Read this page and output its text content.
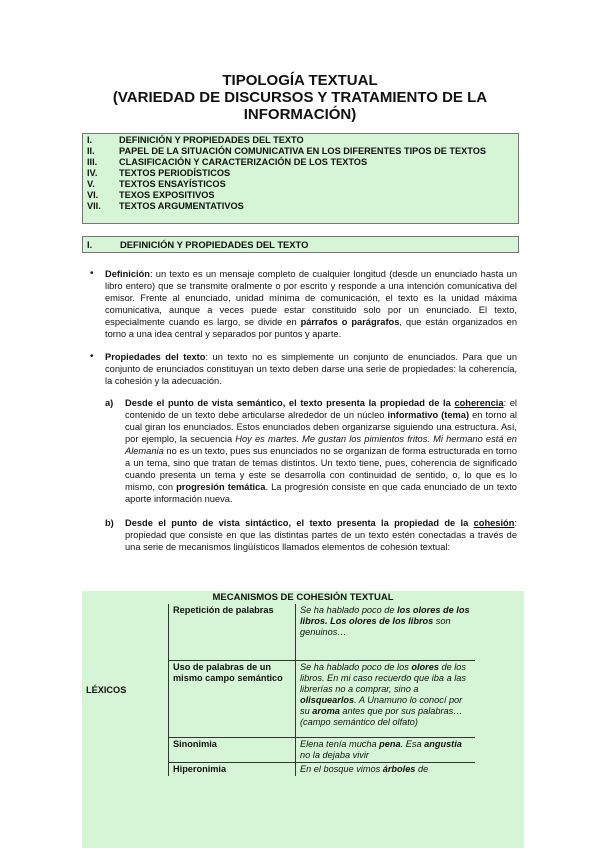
TIPOLOGÍA TEXTUAL
(VARIEDAD DE DISCURSOS Y TRATAMIENTO DE LA
INFORMACIÓN)
I.	DEFINICIÓN Y PROPIEDADES DEL TEXTO
II.	PAPEL DE LA SITUACIÓN COMUNICATIVA EN LOS DIFERENTES TIPOS DE TEXTOS
III.	CLASIFICACIÓN Y CARACTERIZACIÓN DE LOS TEXTOS
IV.	TEXTOS PERIODÍSTICOS
V.	TEXTOS ENSAYÍSTICOS
VI.	TEXOS EXPOSITIVOS
VII.	TEXTOS ARGUMENTATIVOS
I.	DEFINICIÓN Y PROPIEDADES DEL TEXTO
• Definición: un texto es un mensaje completo de cualquier longitud (desde un enunciado hasta un libro entero) que se transmite oralmente o por escrito y responde a una intención comunicativa del emisor. Frente al enunciado, unidad mínima de comunicación, el texto es la unidad máxima comunicativa, aunque a veces puede estar constituido solo por un enunciado. El texto, especialmente cuando es largo, se divide en párrafos o parágrafos, que están organizados en torno a una idea central y separados por puntos y aparte.
• Propiedades del texto: un texto no es simplemente un conjunto de enunciados. Para que un conjunto de enunciados constituyan un texto deben darse una serie de propiedades: la coherencia, la cohesión y la adecuación.
a) Desde el punto de vista semántico, el texto presenta la propiedad de la coherencia: el contenido de un texto debe articularse alrededor de un núcleo informativo (tema) en torno al cual giran los enunciados. Estos enunciados deben organizarse siguiendo una estructura. Así, por ejemplo, la secuencia Hoy es martes. Me gustan los pimientos fritos. Mi hermano está en Alemania no es un texto, pues sus enunciados no se organizan de forma estructurada en torno a un tema, sino que tratan de temas distintos. Un texto tiene, pues, coherencia de significado cuando presenta un tema y este se desarrolla con continuidad de sentido, o, lo que es lo mismo, con progresión temática. La progresión consiste en que cada enunciado de un texto aporte información nueva.
b) Desde el punto de vista sintáctico, el texto presenta la propiedad de la cohesión: propiedad que consiste en que las distintas partes de un texto estén conectadas a través de una serie de mecanismos lingüísticos llamados elementos de cohesión textual:
MECANISMOS DE COHESIÓN TEXTUAL
LÉXICOS	Repetición de palabras	Se ha hablado poco de los olores de los libros. Los olores de los libros son genuinos…
	Uso de palabras de un mismo campo semántico	Se ha hablado poco de los olores de los libros. En mi caso recuerdo que iba a las librerías no a comprar, sino a olisquearlos. A Unamuno lo conocí por su aroma antes que por sus palabras…(campo semántico del olfato)
	Sinonimia	Elena tenía mucha pena. Esa angustia no la dejaba vivir
	Hiperonimia	En el bosque vimos árboles de
